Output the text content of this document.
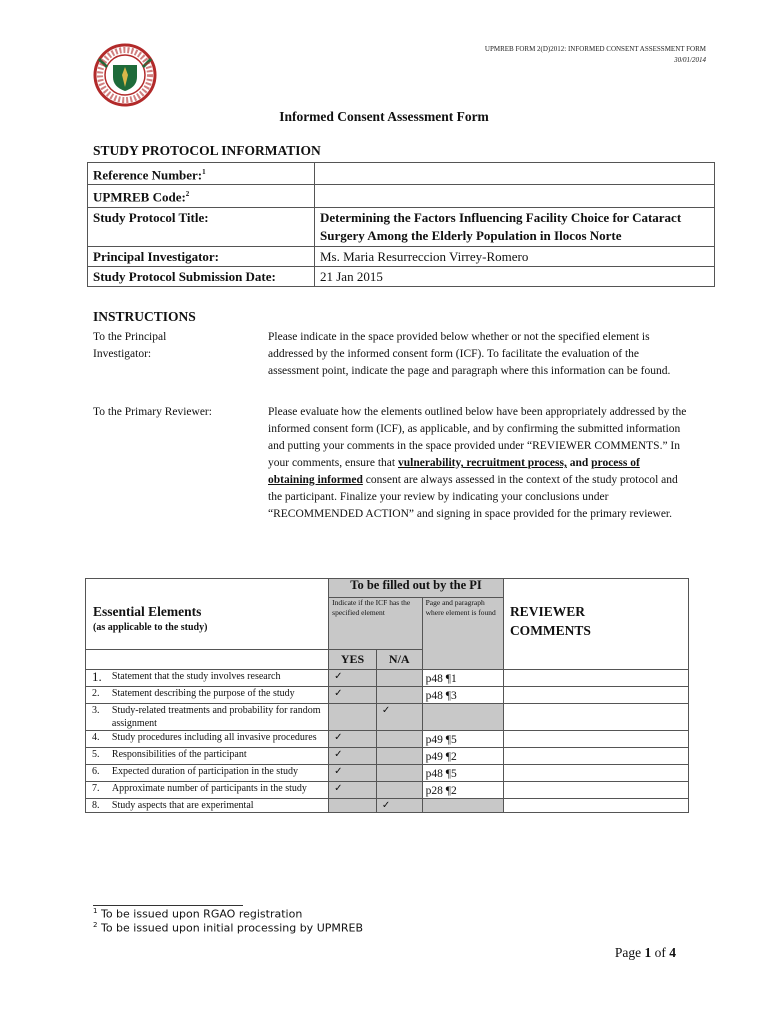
UPMREB FORM 2(D)2012: INFORMED CONSENT ASSESSMENT FORM
30/01/2014
Informed Consent Assessment Form
STUDY PROTOCOL INFORMATION
Reference Number:$^1$	
UPMREB Code:$^2$	
Study Protocol Title:	Determining the Factors Influencing Facility Choice for Cataract Surgery Among the Elderly Population in Ilocos Norte
Principal Investigator:	Ms. Maria Resurreccion Virrey-Romero
Study Protocol Submission Date:	21 Jan 2015
INSTRUCTIONS
To the Principal Investigator:
Please indicate in the space provided below whether or not the specified element is addressed by the informed consent form (ICF). To facilitate the evaluation of the assessment point, indicate the page and paragraph where this information can be found.
To the Primary Reviewer:	Please evaluate how the elements outlined below have been appropriately addressed by the informed consent form (ICF), as applicable, and by confirming the submitted information and putting your comments in the space provided under “REVIEWER COMMENTS.” In your comments, ensure that vulnerability, recruitment process, and process of obtaining informed consent are always assessed in the context of the study protocol and the participant. Finalize your review by indicating your conclusions under “RECOMMENDED ACTION” and signing in space provided for the primary reviewer.
		To be filled out by the PI			

Essential Elements
(as applicable to the study)		Indicate if the ICF has the specified element		Page and paragraph where element is found	REVIEWER COMMENTS

		YES	N/A		
1.	Statement that the study involves research	✓		p48 ¶1	
2.	Statement describing the purpose of the study	✓		p48 ¶3	
3.	Study-related treatments and probability for random assignment		✓		
4.	Study procedures including all invasive procedures	✓		p49 ¶5	
5.	Responsibilities of the participant	✓		p49 ¶2	
6.	Expected duration of participation in the study	✓		p48 ¶5	
7.	Approximate number of participants in the study	✓		p28 ¶2	
8.	Study aspects that are experimental		✓		
$^1$ To be issued upon RGAO registration
$^2$ To be issued upon initial processing by UPMREB
Page 1 of 4
